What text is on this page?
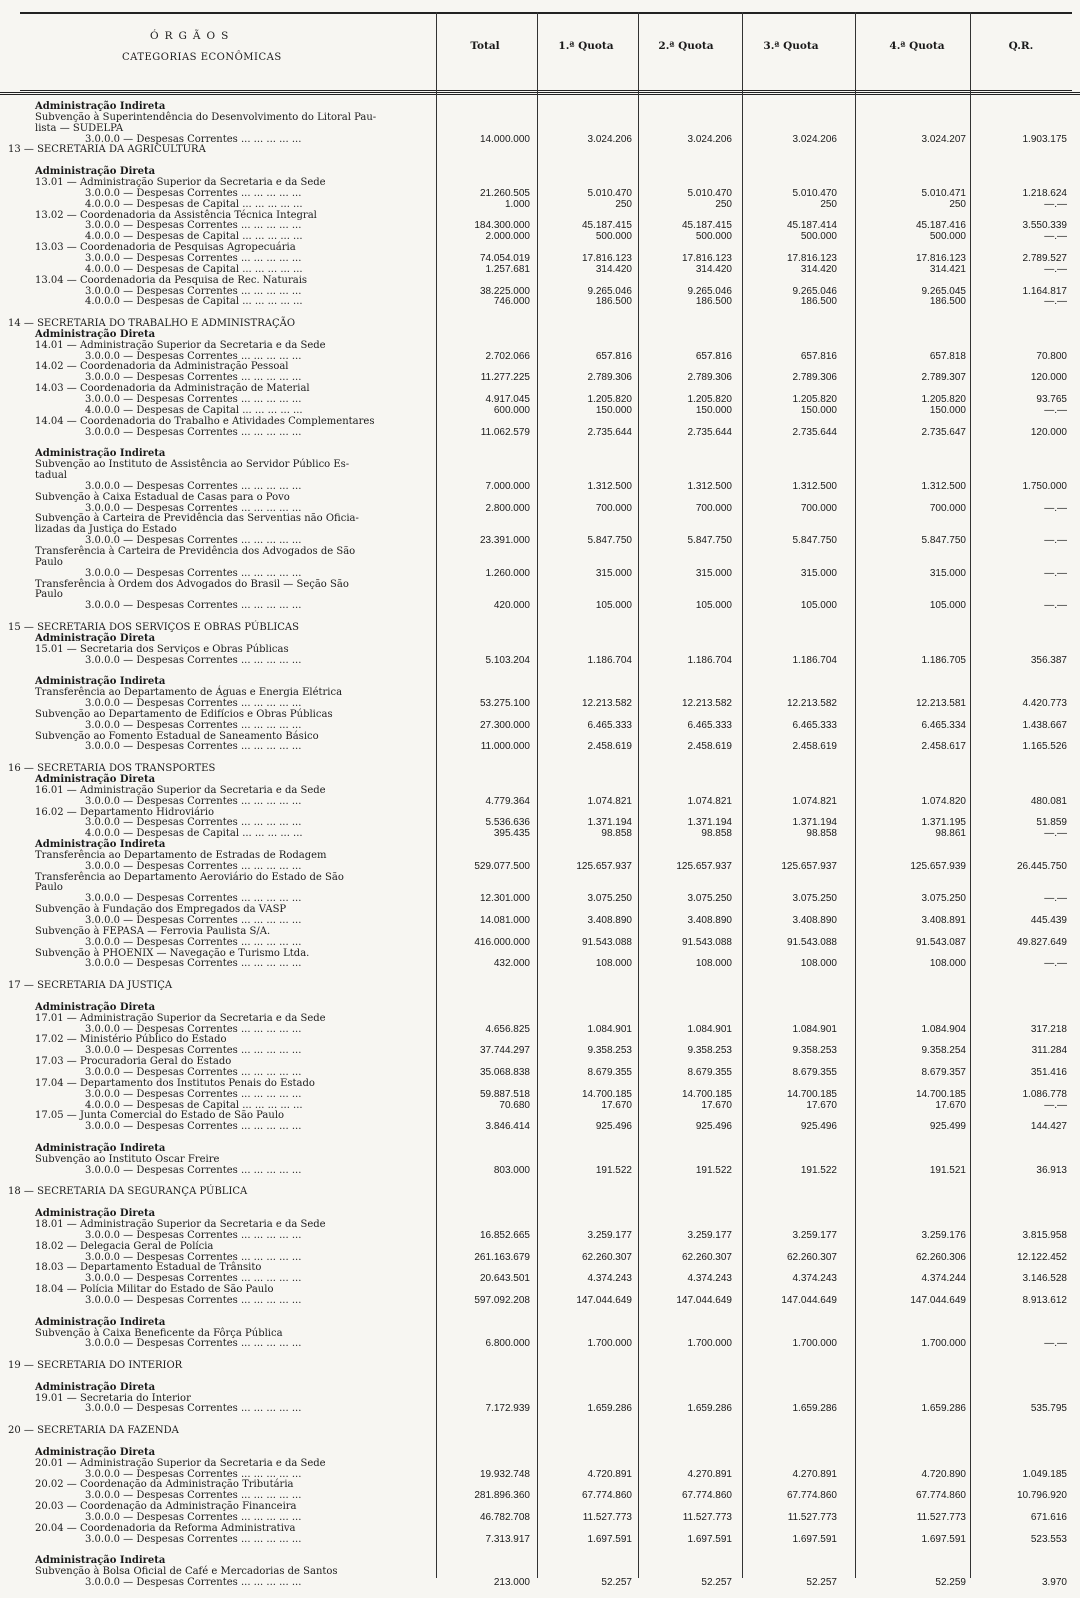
ÓRGÃOS
CATEGORIAS ECONÔMICAS
Total	1.ª Quota	2.ª Quota	3.ª Quota	4.ª Quota	Q.R.
Administração Indireta
Subvenção à Superintendência do Desenvolvimento do Litoral Pau-
lista — SUDELPA
3.0.0.0 — Despesas Correntes ... ... ... ... ...	14.000.000	3.024.206	3.024.206	3.024.206	3.024.207	1.903.175
13 — SECRETARIA DA AGRICULTURA
Administração Direta
13.01 — Administração Superior da Secretaria e da Sede
3.0.0.0 — Despesas Correntes ... ... ... ... ...	21.260.505	5.010.470	5.010.470	5.010.470	5.010.471	1.218.624
4.0.0.0 — Despesas de Capital ... ... ... ... ...	1.000	250	250	250	250	—.—
13.02 — Coordenadoria da Assistência Técnica Integral
3.0.0.0 — Despesas Correntes ... ... ... ... ...	184.300.000	45.187.415	45.187.415	45.187.414	45.187.416	3.550.339
4.0.0.0 — Despesas de Capital ... ... ... ... ...	2.000.000	500.000	500.000	500.000	500.000	—.—
13.03 — Coordenadoria de Pesquisas Agropecuária
3.0.0.0 — Despesas Correntes ... ... ... ... ...	74.054.019	17.816.123	17.816.123	17.816.123	17.816.123	2.789.527
4.0.0.0 — Despesas de Capital ... ... ... ... ...	1.257.681	314.420	314.420	314.420	314.421	—.—
13.04 — Coordenadoria da Pesquisa de Rec. Naturais
3.0.0.0 — Despesas Correntes ... ... ... ... ...	38.225.000	9.265.046	9.265.046	9.265.046	9.265.045	1.164.817
4.0.0.0 — Despesas de Capital ... ... ... ... ...	746.000	186.500	186.500	186.500	186.500	—.—
14 — SECRETARIA DO TRABALHO E ADMINISTRAÇÃO
Administração Direta
14.01 — Administração Superior da Secretaria e da Sede
3.0.0.0 — Despesas Correntes ... ... ... ... ...	2.702.066	657.816	657.816	657.816	657.818	70.800
14.02 — Coordenadoria da Administração Pessoal
3.0.0.0 — Despesas Correntes ... ... ... ... ...	11.277.225	2.789.306	2.789.306	2.789.306	2.789.307	120.000
14.03 — Coordenadoria da Administração de Material
3.0.0.0 — Despesas Correntes ... ... ... ... ...	4.917.045	1.205.820	1.205.820	1.205.820	1.205.820	93.765
4.0.0.0 — Despesas de Capital ... ... ... ... ...	600.000	150.000	150.000	150.000	150.000	—.—
14.04 — Coordenadoria do Trabalho e Atividades Complementares
3.0.0.0 — Despesas Correntes ... ... ... ... ...	11.062.579	2.735.644	2.735.644	2.735.644	2.735.647	120.000
Administração Indireta
Subvenção ao Instituto de Assistência ao Servidor Público Es-
tadual
3.0.0.0 — Despesas Correntes ... ... ... ... ...	7.000.000	1.312.500	1.312.500	1.312.500	1.312.500	1.750.000
Subvenção à Caixa Estadual de Casas para o Povo
3.0.0.0 — Despesas Correntes ... ... ... ... ...	2.800.000	700.000	700.000	700.000	700.000	—.—
Subvenção à Carteira de Previdência das Serventias não Oficia-
lizadas da Justiça do Estado
3.0.0.0 — Despesas Correntes ... ... ... ... ...	23.391.000	5.847.750	5.847.750	5.847.750	5.847.750	—.—
Transferência à Carteira de Previdência dos Advogados de São
Paulo
3.0.0.0 — Despesas Correntes ... ... ... ... ...	1.260.000	315.000	315.000	315.000	315.000	—.—
Transferência à Ordem dos Advogados do Brasil — Seção São
Paulo
3.0.0.0 — Despesas Correntes ... ... ... ... ...	420.000	105.000	105.000	105.000	105.000	—.—
15 — SECRETARIA DOS SERVIÇOS E OBRAS PÚBLICAS
Administração Direta
15.01 — Secretaria dos Serviços e Obras Públicas
3.0.0.0 — Despesas Correntes ... ... ... ... ...	5.103.204	1.186.704	1.186.704	1.186.704	1.186.705	356.387
Administração Indireta
Transferência ao Departamento de Águas e Energia Elétrica
3.0.0.0 — Despesas Correntes ... ... ... ... ...	53.275.100	12.213.582	12.213.582	12.213.582	12.213.581	4.420.773
Subvenção ao Departamento de Edifícios e Obras Públicas
3.0.0.0 — Despesas Correntes ... ... ... ... ...	27.300.000	6.465.333	6.465.333	6.465.333	6.465.334	1.438.667
Subvenção ao Fomento Estadual de Saneamento Básico
3.0.0.0 — Despesas Correntes ... ... ... ... ...	11.000.000	2.458.619	2.458.619	2.458.619	2.458.617	1.165.526
16 — SECRETARIA DOS TRANSPORTES
Administração Direta
16.01 — Administração Superior da Secretaria e da Sede
3.0.0.0 — Despesas Correntes ... ... ... ... ...	4.779.364	1.074.821	1.074.821	1.074.821	1.074.820	480.081
16.02 — Departamento Hidroviário
3.0.0.0 — Despesas Correntes ... ... ... ... ...	5.536.636	1.371.194	1.371.194	1.371.194	1.371.195	51.859
4.0.0.0 — Despesas de Capital ... ... ... ... ...	395.435	98.858	98.858	98.858	98.861	—.—
Administração Indireta
Transferência ao Departamento de Estradas de Rodagem
3.0.0.0 — Despesas Correntes ... ... ... ... ...	529.077.500	125.657.937	125.657.937	125.657.937	125.657.939	26.445.750
Transferência ao Departamento Aeroviário do Estado de São
Paulo
3.0.0.0 — Despesas Correntes ... ... ... ... ...	12.301.000	3.075.250	3.075.250	3.075.250	3.075.250	—.—
Subvenção à Fundação dos Empregados da VASP
3.0.0.0 — Despesas Correntes ... ... ... ... ...	14.081.000	3.408.890	3.408.890	3.408.890	3.408.891	445.439
Subvenção à FEPASA — Ferrovia Paulista S/A.
3.0.0.0 — Despesas Correntes ... ... ... ... ...	416.000.000	91.543.088	91.543.088	91.543.088	91.543.087	49.827.649
Subvenção à PHOENIX — Navegação e Turismo Ltda.
3.0.0.0 — Despesas Correntes ... ... ... ... ...	432.000	108.000	108.000	108.000	108.000	—.—
17 — SECRETARIA DA JUSTIÇA
Administração Direta
17.01 — Administração Superior da Secretaria e da Sede
3.0.0.0 — Despesas Correntes ... ... ... ... ...	4.656.825	1.084.901	1.084.901	1.084.901	1.084.904	317.218
17.02 — Ministério Público do Estado
3.0.0.0 — Despesas Correntes ... ... ... ... ...	37.744.297	9.358.253	9.358.253	9.358.253	9.358.254	311.284
17.03 — Procuradoria Geral do Estado
3.0.0.0 — Despesas Correntes ... ... ... ... ...	35.068.838	8.679.355	8.679.355	8.679.355	8.679.357	351.416
17.04 — Departamento dos Institutos Penais do Estado
3.0.0.0 — Despesas Correntes ... ... ... ... ...	59.887.518	14.700.185	14.700.185	14.700.185	14.700.185	1.086.778
4.0.0.0 — Despesas de Capital ... ... ... ... ...	70.680	17.670	17.670	17.670	17.670	—.—
17.05 — Junta Comercial do Estado de São Paulo
3.0.0.0 — Despesas Correntes ... ... ... ... ...	3.846.414	925.496	925.496	925.496	925.499	144.427
Administração Indireta
Subvenção ao Instituto Oscar Freire
3.0.0.0 — Despesas Correntes ... ... ... ... ...	803.000	191.522	191.522	191.522	191.521	36.913
18 — SECRETARIA DA SEGURANÇA PÚBLICA
Administração Direta
18.01 — Administração Superior da Secretaria e da Sede
3.0.0.0 — Despesas Correntes ... ... ... ... ...	16.852.665	3.259.177	3.259.177	3.259.177	3.259.176	3.815.958
18.02 — Delegacia Geral de Polícia
3.0.0.0 — Despesas Correntes ... ... ... ... ...	261.163.679	62.260.307	62.260.307	62.260.307	62.260.306	12.122.452
18.03 — Departamento Estadual de Trânsito
3.0.0.0 — Despesas Correntes ... ... ... ... ...	20.643.501	4.374.243	4.374.243	4.374.243	4.374.244	3.146.528
18.04 — Polícia Militar do Estado de São Paulo
3.0.0.0 — Despesas Correntes ... ... ... ... ...	597.092.208	147.044.649	147.044.649	147.044.649	147.044.649	8.913.612
Administração Indireta
Subvenção à Caixa Beneficente da Fôrça Pública
3.0.0.0 — Despesas Correntes ... ... ... ... ...	6.800.000	1.700.000	1.700.000	1.700.000	1.700.000	—.—
19 — SECRETARIA DO INTERIOR
Administração Direta
19.01 — Secretaria do Interior
3.0.0.0 — Despesas Correntes ... ... ... ... ...	7.172.939	1.659.286	1.659.286	1.659.286	1.659.286	535.795
20 — SECRETARIA DA FAZENDA
Administração Direta
20.01 — Administração Superior da Secretaria e da Sede
3.0.0.0 — Despesas Correntes ... ... ... ... ...	19.932.748	4.720.891	4.270.891	4.270.891	4.720.890	1.049.185
20.02 — Coordenação da Administração Tributária
3.0.0.0 — Despesas Correntes ... ... ... ... ...	281.896.360	67.774.860	67.774.860	67.774.860	67.774.860	10.796.920
20.03 — Coordenação da Administração Financeira
3.0.0.0 — Despesas Correntes ... ... ... ... ...	46.782.708	11.527.773	11.527.773	11.527.773	11.527.773	671.616
20.04 — Coordenadoria da Reforma Administrativa
3.0.0.0 — Despesas Correntes ... ... ... ... ...	7.313.917	1.697.591	1.697.591	1.697.591	1.697.591	523.553
Administração Indireta
Subvenção à Bolsa Oficial de Café e Mercadorias de Santos
3.0.0.0 — Despesas Correntes ... ... ... ... ...	213.000	52.257	52.257	52.257	52.259	3.970
